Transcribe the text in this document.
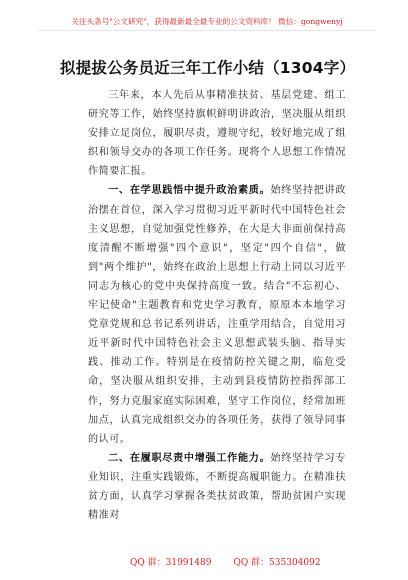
关注头条号"公文研究"，获得最新最全最专业的公文资料库！ 微信：gongwenyj
拟提拔公务员近三年工作小结（1304字）

三年来，本人先后从事精准扶贫、基层党建、组工研究等工作，始终坚持旗帜鲜明讲政治，坚决服从组织安排立足岗位，履职尽责，遵规守纪，较好地完成了组织和领导交办的各项工作任务。现将个人思想工作情况作简要汇报。

一、在学思践悟中提升政治素质。始终坚持把讲政治摆在首位，深入学习贯彻习近平新时代中国特色社会主义思想，自觉加强党性修养，在大是大非面前保持高度清醒不断增强"四个意识"，坚定"四个自信"，做到"两个维护"，始终在政治上思想上行动上同以习近平同志为核心的党中央保持高度一致。结合"不忘初心、牢记使命"主题教育和党史学习教育，原原本本地学习党章党规和总书记系列讲话，注重学用结合，自觉用习近平新时代中国特色社会主义思想武装头脑、指导实践、推动工作。特别是在疫情防控关键之期，临危受命，坚决服从组织安排，主动到县疫情防控指挥部工作，努力克服家庭实际困难，坚守工作岗位，经常加班加点，认真完成组织交办的各项任务，获得了领导同事的认可。

二、在履职尽责中增强工作能力。始终坚持学习专业知识，注重实践锻炼，不断提高履职能力。在精准扶贫方面，认真学习掌握各类扶贫政策，帮助贫困户实现精准对

QQ 群：31991489 QQ 群：535304092
